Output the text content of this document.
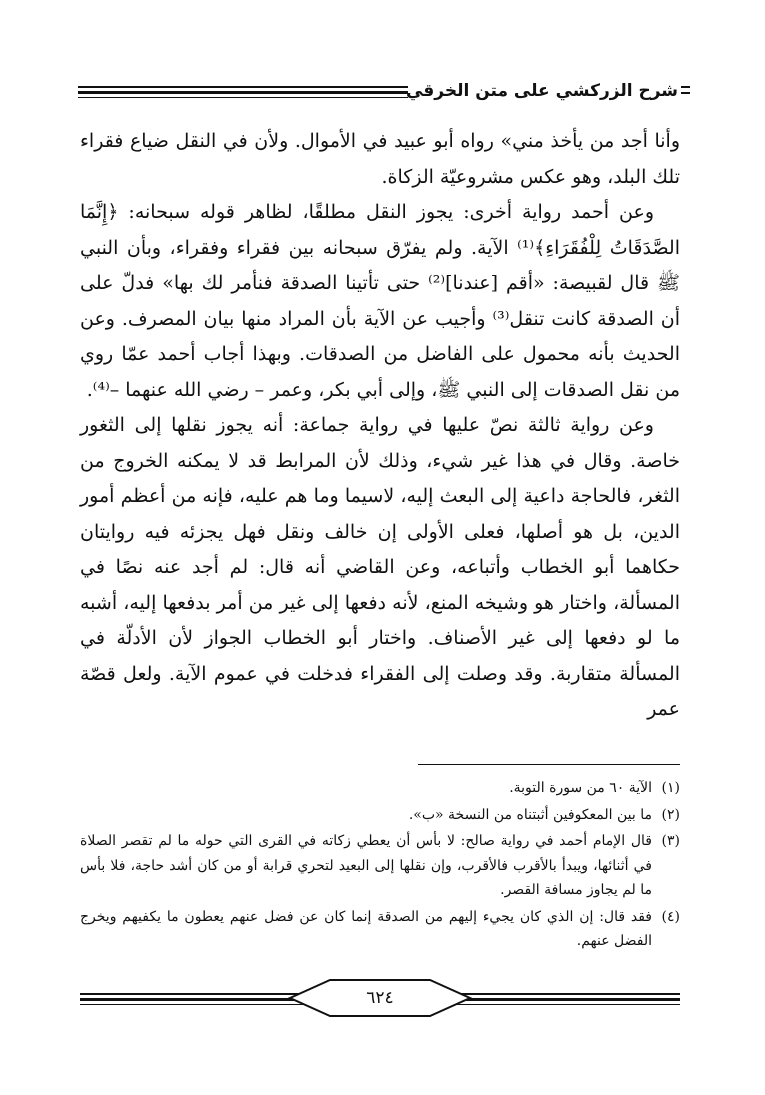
شرح الزركشي على متن الخرقي

وأنا أجد من يأخذ مني» رواه أبو عبيد في الأموال. ولأن في النقل ضياع فقراء تلك البلد، وهو عكس مشروعيّة الزكاة.

وعن أحمد رواية أخرى: يجوز النقل مطلقًا، لظاهر قوله سبحانه: ﴿إِنَّمَا الصَّدَقَاتُ لِلْفُقَرَاءِ﴾⁽¹⁾ الآية. ولم يفرّق سبحانه بين فقراء وفقراء، وبأن النبي ﷺ قال لقبيصة: «أقم [عندنا]⁽²⁾ حتى تأتينا الصدقة فنأمر لك بها» فدلّ على أن الصدقة كانت تنقل⁽³⁾ وأجيب عن الآية بأن المراد منها بيان المصرف. وعن الحديث بأنه محمول على الفاضل من الصدقات. وبهذا أجاب أحمد عمّا روي من نقل الصدقات إلى النبي ﷺ، وإلى أبي بكر، وعمر – رضي الله عنهما –⁽⁴⁾.

وعن رواية ثالثة نصّ عليها في رواية جماعة: أنه يجوز نقلها إلى الثغور خاصة. وقال في هذا غير شيء، وذلك لأن المرابط قد لا يمكنه الخروج من الثغر، فالحاجة داعية إلى البعث إليه، لاسيما وما هم عليه، فإنه من أعظم أمور الدين، بل هو أصلها، فعلى الأولى إن خالف ونقل فهل يجزئه فيه روايتان حكاهما أبو الخطاب وأتباعه، وعن القاضي أنه قال: لم أجد عنه نصًا في المسألة، واختار هو وشيخه المنع، لأنه دفعها إلى غير من أمر بدفعها إليه، أشبه ما لو دفعها إلى غير الأصناف. واختار أبو الخطاب الجواز لأن الأدلّة في المسألة متقاربة. وقد وصلت إلى الفقراء فدخلت في عموم الآية. ولعل قصّة عمر

(١)
الآية ٦٠ من سورة التوبة.
(٢)
ما بين المعكوفين أثبتناه من النسخة «ب».
(٣)
قال الإمام أحمد في رواية صالح: لا بأس أن يعطي زكاته في القرى التي حوله ما لم تقصر الصلاة في أثنائها، ويبدأ بالأقرب فالأقرب، وإن نقلها إلى البعيد لتحري قرابة أو من كان أشد حاجة، فلا بأس ما لم يجاوز مسافة القصر.
(٤)
فقد قال: إن الذي كان يجيء إليهم من الصدقة إنما كان عن فضل عنهم يعطون ما يكفيهم ويخرج الفضل عنهم.
٦٢٤
